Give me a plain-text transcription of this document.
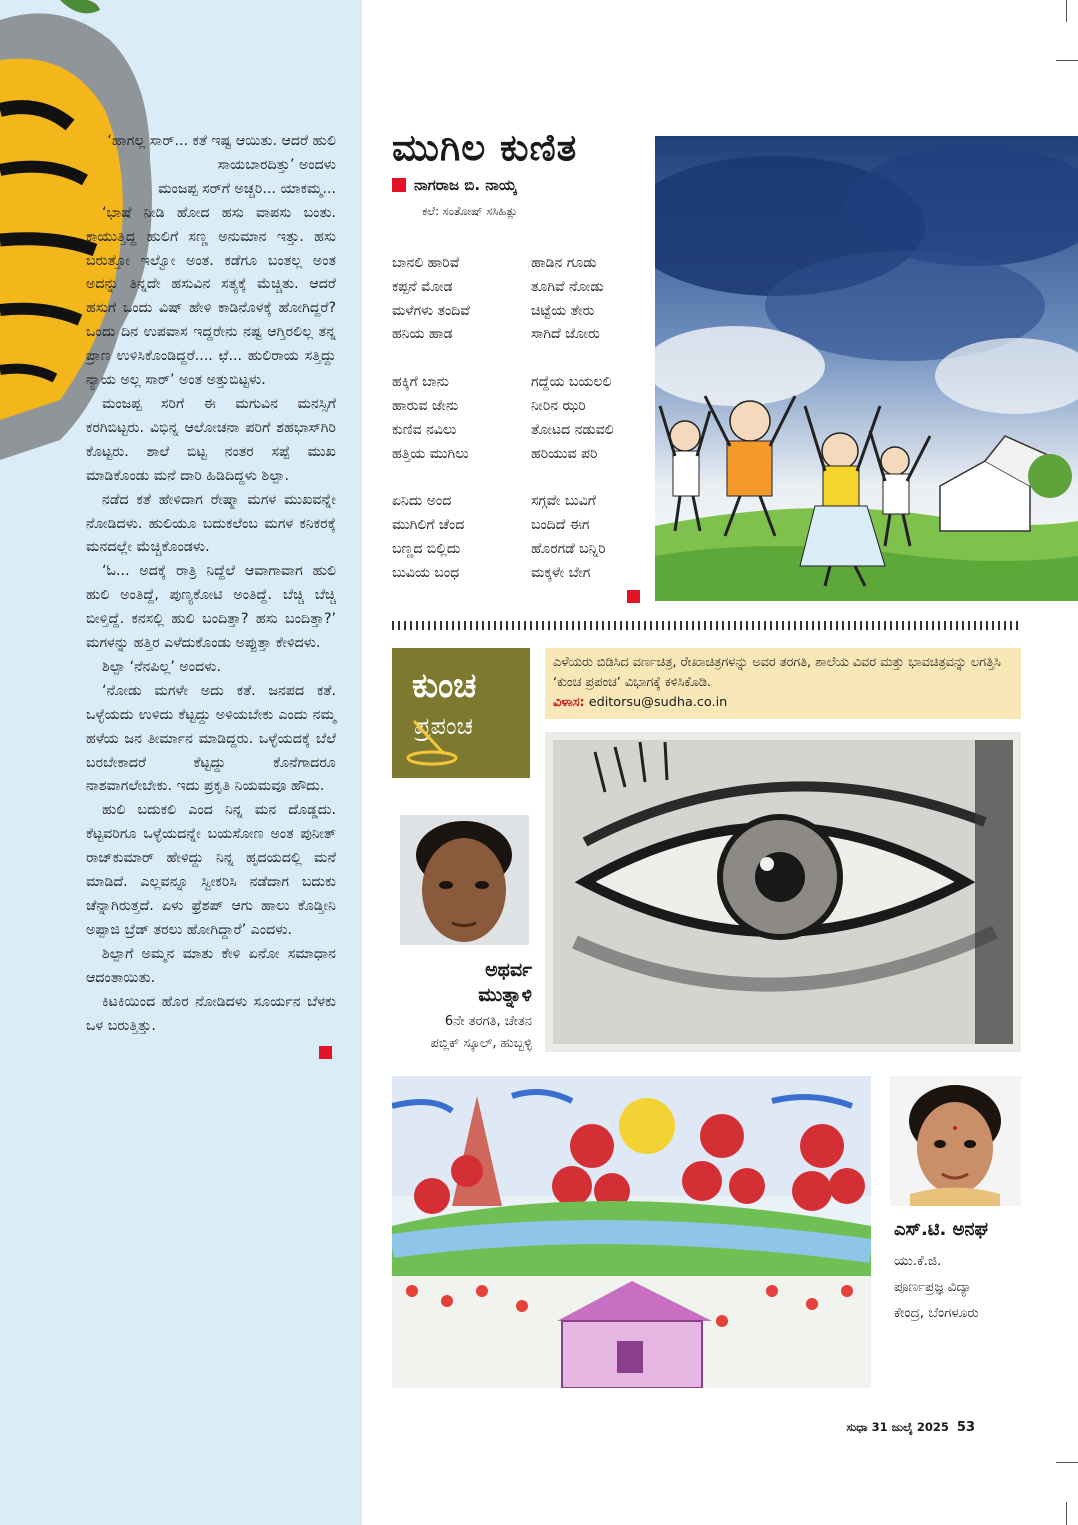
‘ಹಾಗಲ್ಲ ಸಾರ್... ಕತೆ ಇಷ್ಟ ಆಯಿತು. ಆದರೆ ಹುಲಿ ಸಾಯಬಾರದಿತ್ತು’ ಅಂದಳು

ಮಂಜಪ್ಪ ಸರ್‌ಗೆ ಅಚ್ಚರಿ... ಯಾಕಮ್ಮ...

‘ಭಾಷೆ ನೀಡಿ ಹೋದ ಹಸು ವಾಪಸು ಬಂತು. ಕಾಯುತ್ತಿದ್ದ ಹುಲಿಗೆ ಸಣ್ಣ ಅನುಮಾನ ಇತ್ತು. ಹಸು ಬರುತ್ತೋ ಇಲ್ವೋ ಅಂತ. ಕಡೆಗೂ ಬಂತಲ್ಲ ಅಂತ ಅದನ್ನು ತಿನ್ನದೇ ಹಸುವಿನ ಸತ್ಯಕ್ಕೆ ಮೆಚ್ಚಿತು. ಆದರೆ ಹಸುಗೆ ಒಂದು ವಿಷ್ ಹೇಳಿ ಕಾಡಿನೊಳಕ್ಕೆ ಹೋಗಿದ್ದರೆ? ಒಂದು ದಿನ ಉಪವಾಸ ಇದ್ದರೇನು ನಷ್ಟ ಆಗ್ತಿರಲಿಲ್ಲ ತನ್ನ ಪ್ರಾಣ ಉಳಿಸಿಕೊಂಡಿದ್ದರೆ.... ಛೆ... ಹುಲಿರಾಯ ಸತ್ತಿದ್ದು ನ್ಯಾಯ ಅಲ್ಲ ಸಾರ್’ ಅಂತ ಅತ್ತುಬಿಟ್ಟಳು.

ಮಂಜಪ್ಪ ಸರಿಗೆ ಈ ಮಗುವಿನ ಮನಸ್ಸಿಗೆ ಕರಗಿಬಿಟ್ಟರು. ವಿಭಿನ್ನ ಆಲೋಚನಾ ಪರಿಗೆ ಶಹಭಾಸ್‌ಗಿರಿ ಕೊಟ್ಟರು. ಶಾಲೆ ಬಿಟ್ಟ ನಂತರ ಸಪ್ಪೆ ಮುಖ ಮಾಡಿಕೊಂಡು ಮನೆ ದಾರಿ ಹಿಡಿದಿದ್ದಳು ಶಿಲ್ಪಾ.

ನಡೆದ ಕತೆ ಹೇಳಿದಾಗ ರೇಷ್ಮಾ ಮಗಳ ಮುಖವನ್ನೇ ನೋಡಿದಳು. ಹುಲಿಯೂ ಬದುಕಲೆಂಬ ಮಗಳ ಕನಿಕರಕ್ಕೆ ಮನದಲ್ಲೇ ಮೆಚ್ಚಿಕೊಂಡಳು.

‘ಓ... ಅದಕ್ಕೆ ರಾತ್ರಿ ನಿದ್ದೆಲೆ ಆವಾಗಾವಾಗ ಹುಲಿ ಹುಲಿ ಅಂತಿದ್ದೆ, ಪುಣ್ಯಕೋಟಿ ಅಂತಿದ್ದೆ. ಬೆಚ್ಚಿ ಬೆಚ್ಚಿ ಬೀಳ್ತಿದ್ದೆ. ಕನಸಲ್ಲಿ ಹುಲಿ ಬಂದಿತ್ತಾ? ಹಸು ಬಂದಿತ್ತಾ?’ ಮಗಳನ್ನು ಹತ್ತಿರ ಎಳೆದುಕೊಂಡು ಅಪ್ಪುತ್ತಾ ಕೇಳಿದಳು.

ಶಿಲ್ಪಾ ‘ನೆನಪಿಲ್ಲ’ ಅಂದಳು.

‘ನೋಡು ಮಗಳೇ ಅದು ಕತೆ. ಜನಪದ ಕತೆ. ಒಳ್ಳೆಯದು ಉಳಿದು ಕೆಟ್ಟದ್ದು ಅಳಿಯಬೇಕು ಎಂದು ನಮ್ಮ ಹಳೆಯ ಜನ ತೀರ್ಮಾನ ಮಾಡಿದ್ದರು. ಒಳ್ಳೆಯದಕ್ಕೆ ಬೆಲೆ ಬರಬೇಕಾದರೆ ಕೆಟ್ಟದ್ದು ಕೊನೆಗಾದರೂ ನಾಶವಾಗಲೇಬೇಕು. ಇದು ಪ್ರಕೃತಿ ನಿಯಮವೂ ಹೌದು.

ಹುಲಿ ಬದುಕಲಿ ಎಂದ ನಿನ್ನ ಮನ ದೊಡ್ಡದು. ಕೆಟ್ಟವರಿಗೂ ಒಳ್ಳೆಯದನ್ನೇ ಬಯಸೋಣ ಅಂತ ಪುನೀತ್ ರಾಜ್‌ಕುಮಾರ್ ಹೇಳಿದ್ದು ನಿನ್ನ ಹೃದಯದಲ್ಲಿ ಮನೆ ಮಾಡಿದೆ. ಎಲ್ಲವನ್ನೂ ಸ್ವೀಕರಿಸಿ ನಡೆದಾಗ ಬದುಕು ಚೆನ್ನಾಗಿರುತ್ತದೆ. ಏಳು ಫ್ರೆಶಪ್ ಆಗು ಹಾಲು ಕೊಡ್ತೀನಿ ಅಪ್ಪಾಜಿ ಬ್ರೆಡ್ ತರಲು ಹೋಗಿದ್ದಾರೆ’ ಎಂದಳು.

ಶಿಲ್ಪಾಗೆ ಅಮ್ಮನ ಮಾತು ಕೇಳಿ ಏನೋ ಸಮಾಧಾನ ಆದಂತಾಯಿತು.

ಕಿಟಕಿಯಿಂದ ಹೊರ ನೋಡಿದಳು ಸೂರ್ಯನ ಬೆಳಕು ಒಳ ಬರುತ್ತಿತ್ತು.

ಮುಗಿಲ ಕುಣಿತ
ನಾಗರಾಜ ಬಿ. ನಾಯ್ಕ
ಕಲೆ: ಸಂತೋಷ್ ಸಸಿಹಿತ್ಲು
ಬಾನಲಿ ಹಾರಿವೆ
ಕಪ್ಪನೆ ಮೋಡ
ಮಳೆಗಳು ತಂದಿವೆ
ಹನಿಯ ಹಾಡ
ಹಕ್ಕಿಗೆ ಬಾನು
ಹಾರುವ ಜೇನು
ಕುಣಿವ ನವಿಲು
ಹತ್ತಿಯ ಮುಗಿಲು
ಏನಿದು ಅಂದ
ಮುಗಿಲಿಗೆ ಚೆಂದ
ಬಣ್ಣದ ಬಿಲ್ಲಿದು
ಬುವಿಯ ಬಂಧ
ಹಾಡಿನ ಗೂಡು
ತೂಗಿವೆ ನೋಡು
ಚಿಟ್ಟೆಯ ತೇರು
ಸಾಗಿದೆ ಜೋರು
ಗದ್ದೆಯ ಬಯಲಲಿ
ನೀರಿನ ಝರಿ
ತೋಟದ ನಡುವಲಿ
ಹರಿಯುವ ಪರಿ
ಸಗ್ಗವೇ ಬುವಿಗೆ
ಬಂದಿದೆ ಈಗ
ಹೊರಗಡೆ ಬನ್ನಿರಿ
ಮಕ್ಕಳೇ ಬೇಗ
ಕುಂಚ
ಪ್ರಪಂಚ
ಎಳೆಯರು ಬಿಡಿಸಿದ ವರ್ಣಚಿತ್ರ, ರೇಖಾಚಿತ್ರಗಳನ್ನು ಅವರ ತರಗತಿ, ಶಾಲೆಯ ವಿವರ ಮತ್ತು ಭಾವಚಿತ್ರವನ್ನು ಲಗತ್ತಿಸಿ ‘ಕುಂಚ ಪ್ರಪಂಚ’ ವಿಭಾಗಕ್ಕೆ ಕಳಿಸಿಕೊಡಿ.
ವಿಳಾಸ: editorsu@sudha.co.in
ಅಥರ್ವ
ಮುತ್ನಾಳಿ
6ನೇ ತರಗತಿ, ಚೇತನ
ಪಬ್ಲಿಕ್ ಸ್ಕೂಲ್, ಹುಬ್ಬಳ್ಳಿ
ಎಸ್.ಟಿ. ಅನಘ
ಯು.ಕೆ.ಜಿ.
ಪೂರ್ಣಪ್ರಜ್ಞ ವಿದ್ಯಾ
ಕೇಂದ್ರ, ಬೆಂಗಳೂರು
ಸುಧಾ 31 ಜುಲೈ 2025 53
